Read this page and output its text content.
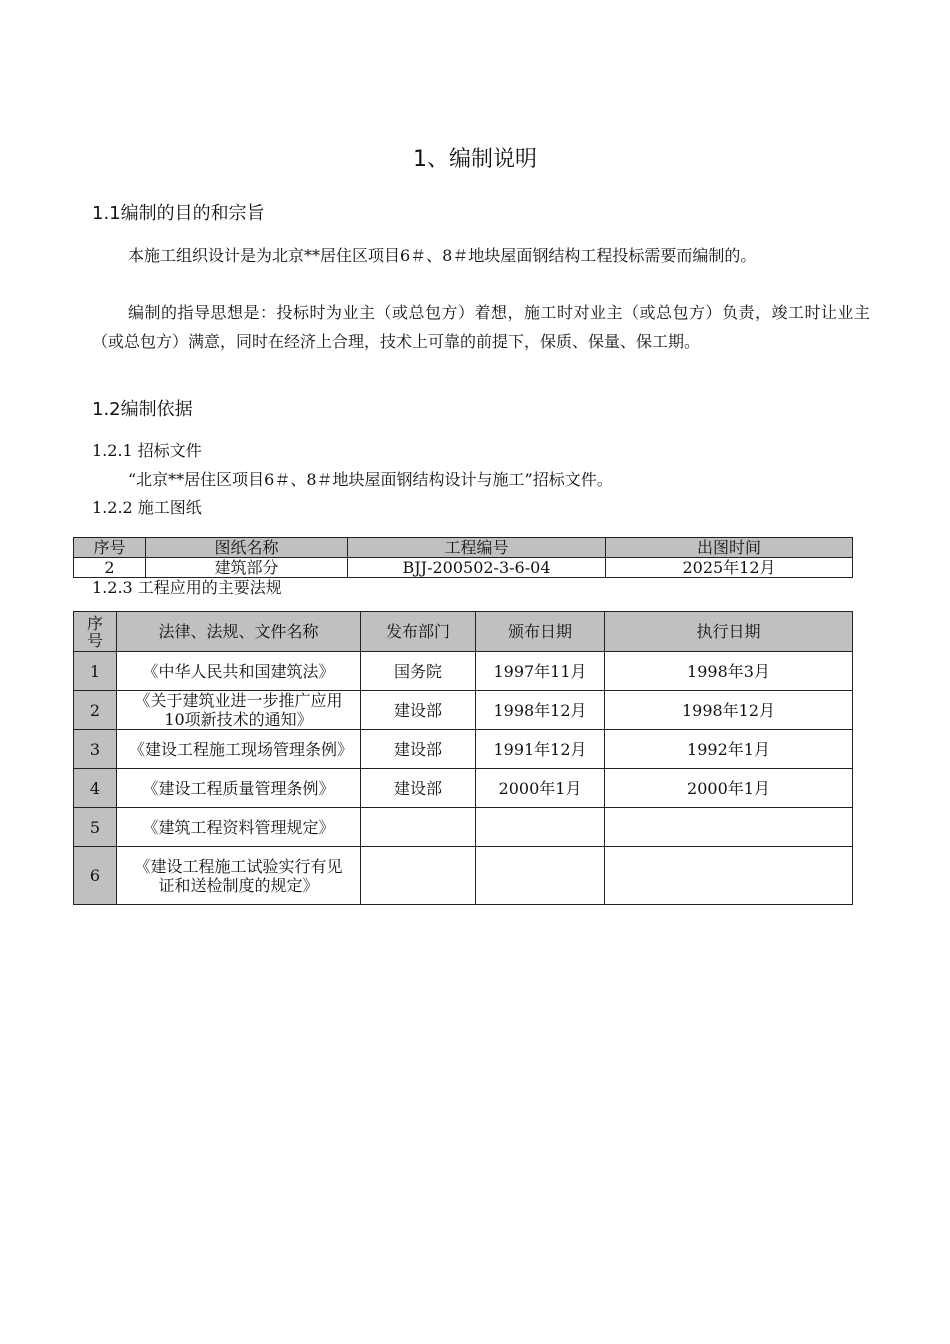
1、编制说明
1.1编制的目的和宗旨
本施工组织设计是为北京**居住区项目6＃、8＃地块屋面钢结构工程投标需要而编制的。
编制的指导思想是：投标时为业主（或总包方）着想，施工时对业主（或总包方）负责，竣工时让业主（或总包方）满意，同时在经济上合理，技术上可靠的前提下，保质、保量、保工期。
1.2编制依据
1.2.1 招标文件
“北京**居住区项目6＃、8＃地块屋面钢结构设计与施工”招标文件。
1.2.2 施工图纸
序号	图纸名称	工程编号	出图时间
2	建筑部分	BJJ-200502-3-6-04	2025年12月
1.2.3 工程应用的主要法规
序号	法律、法规、文件名称	发布部门	颁布日期	执行日期
1	《中华人民共和国建筑法》	国务院	1997年11月	1998年3月
2	《关于建筑业进一步推广应用10项新技术的通知》	建设部	1998年12月	1998年12月
3	《建设工程施工现场管理条例》	建设部	1991年12月	1992年1月
4	《建设工程质量管理条例》	建设部	2000年1月	2000年1月
5	《建筑工程资料管理规定》			
6	《建设工程施工试验实行有见证和送检制度的规定》			
